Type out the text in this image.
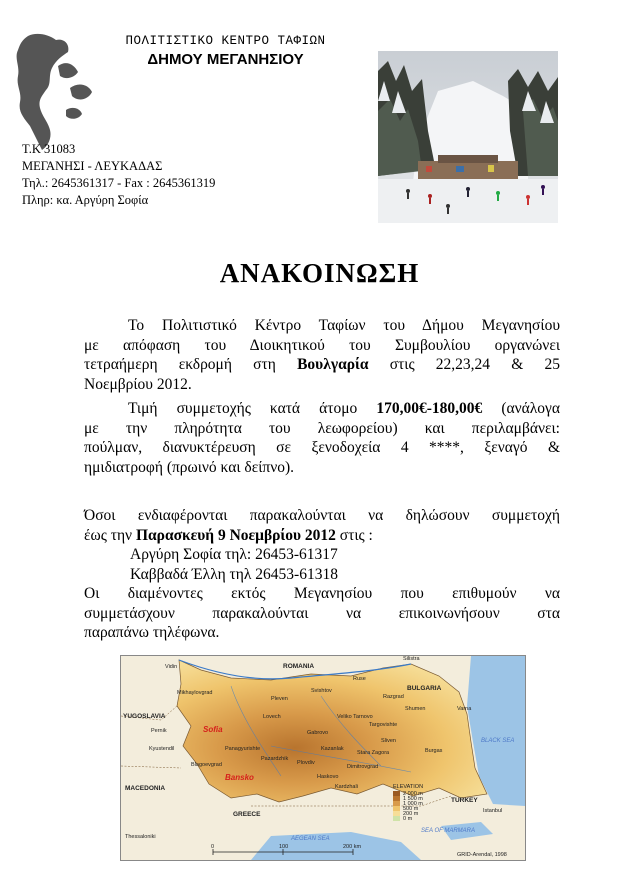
ΠΟΛΙΤΙΣΤΙΚΟ ΚΕΝΤΡΟ ΤΑΦΙΩΝ
ΔΗΜΟΥ ΜΕΓΑΝΗΣΙΟΥ
Τ.Κ 31083
ΜΕΓΑΝΗΣΙ - ΛΕΥΚΑΔΑΣ
Τηλ.: 2645361317 - Fax : 2645361319
Πληρ: κα. Αργύρη Σοφία
ΑΝΑΚΟΙΝΩΣΗ
Το Πολιτιστικό Κέντρο Ταφίων του Δήμου Μεγανησίου
με απόφαση του Διοικητικού του Συμβουλίου οργανώνει
τετραήμερη εκδρομή στη Βουλγαρία στις 22,23,24 & 25
Νοεμβρίου 2012.
Τιμή συμμετοχής κατά άτομο 170,00€-180,00€ (ανάλογα
με την πληρότητα του λεωφορείου) και περιλαμβάνει:
πούλμαν, διανυκτέρευση σε ξενοδοχεία 4 ****, ξεναγό &
ημιδιατροφή (πρωινό και δείπνο).
Όσοι ενδιαφέρονται παρακαλούνται να δηλώσουν συμμετοχή
έως την Παρασκευή 9 Νοεμβρίου 2012 στις :
Αργύρη Σοφία τηλ: 26453-61317
Καββαδά Έλλη τηλ 26453-61318
Οι διαμένοντες εκτός Μεγανησίου που επιθυμούν να
συμμετάσχουν παρακαλούνται να επικοινωνήσουν στα
παραπάνω τηλέφωνα.
ROMANIA
BULGARIA
YUGOSLAVIA
MACEDONIA
GREECE
TURKEY
BLACK SEA
AEGEAN SEA
SEA OF MARMARA
Sofia
Bansko
Vidin
Silistra
Ruse
Mikhaylovgrad	Svishtov
Razgrad
Pleven
Shumen	Varna
Lovech	Veliko Tarnovo
Targovishte
Pernik	Gabrovo
Sliven
Kyustendil	Panagyurishte	Kazanlak
Stara Zagora	Burgas
Pazardzhik
Plovdiv
Dimitrovgrad
Blagoevgrad
Haskovo
Kardzhali
Thessaloniki
Istanbul
ELEVATION
2 000 m
1 500 m
1 000 m
500 m
200 m
0 m
0	100	200 km
GRID-Arendal, 1998
